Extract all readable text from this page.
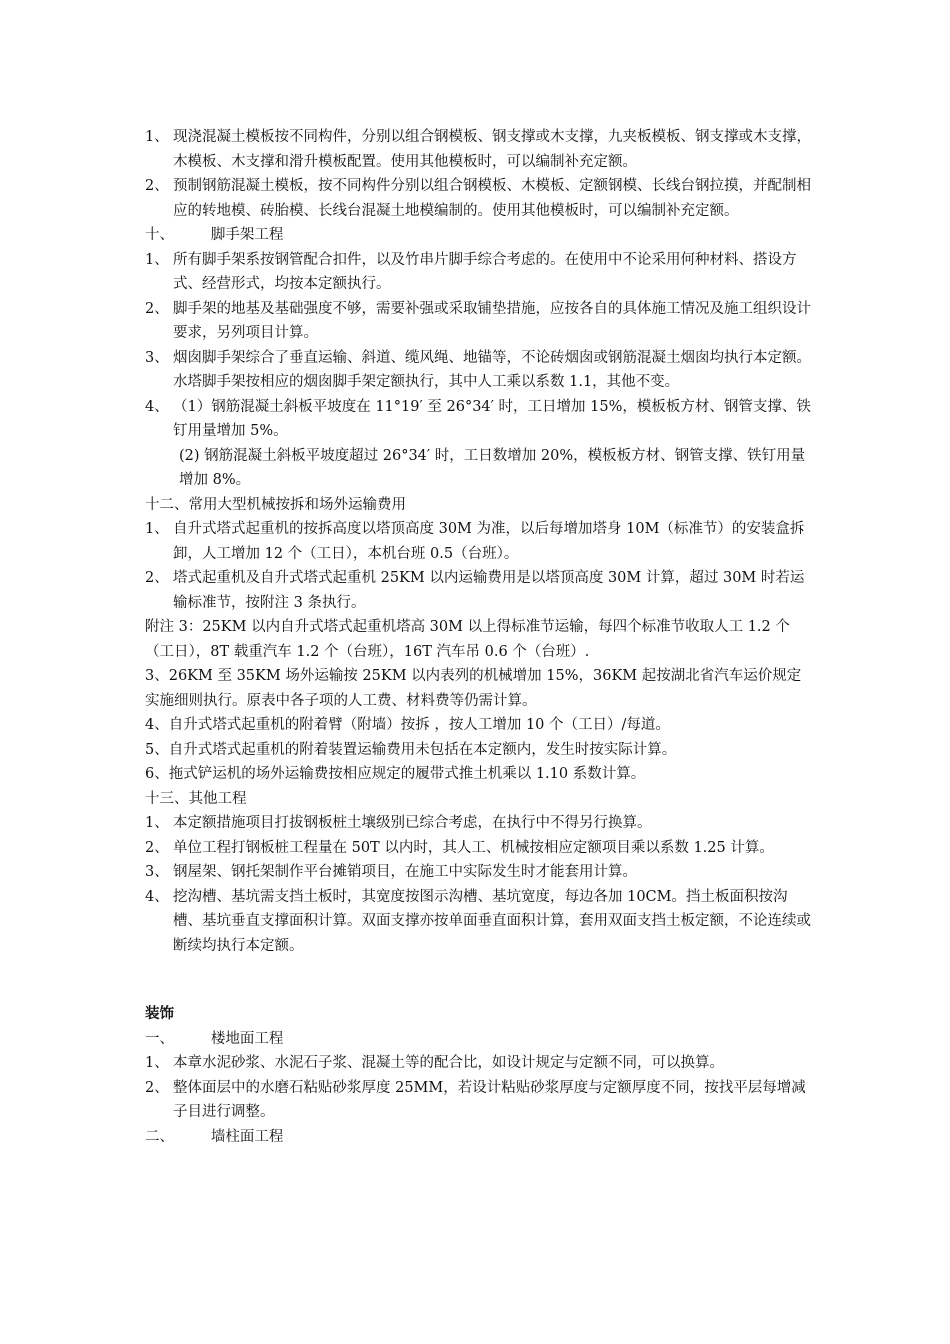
1、 现浇混凝土模板按不同构件，分别以组合钢模板、钢支撑或木支撑，九夹板模板、钢支撑或木支撑，木模板、木支撑和滑升模板配置。使用其他模板时，可以编制补充定额。

2、 预制钢筋混凝土模板，按不同构件分别以组合钢模板、木模板、定额钢模、长线台钢拉摸，并配制相应的转地模、砖胎模、长线台混凝土地模编制的。使用其他模板时，可以编制补充定额。

十、        脚手架工程

1、 所有脚手架系按钢管配合扣件，以及竹串片脚手综合考虑的。在使用中不论采用何种材料、搭设方式、经营形式，均按本定额执行。

2、 脚手架的地基及基础强度不够，需要补强或采取铺垫措施，应按各自的具体施工情况及施工组织设计要求，另列项目计算。

3、 烟囱脚手架综合了垂直运输、斜道、缆风绳、地锚等，不论砖烟囱或钢筋混凝土烟囱均执行本定额。水塔脚手架按相应的烟囱脚手架定额执行，其中人工乘以系数 1.1，其他不变。

4、 （1）钢筋混凝土斜板平坡度在 11°19′ 至 26°34′ 时，工日增加 15%，模板板方材、钢管支撑、铁钉用量增加 5%。

(2) 钢筋混凝土斜板平坡度超过 26°34′ 时，工日数增加 20%，模板板方材、钢管支撑、铁钉用量增加 8%。

十二、常用大型机械按拆和场外运输费用

1、 自升式塔式起重机的按拆高度以塔顶高度 30M 为准，以后每增加塔身 10M（标准节）的安装盒拆卸，人工增加 12 个（工日），本机台班 0.5（台班）。

2、 塔式起重机及自升式塔式起重机 25KM 以内运输费用是以塔顶高度 30M 计算，超过 30M 时若运输标准节，按附注 3 条执行。

附注 3：25KM 以内自升式塔式起重机塔高 30M 以上得标准节运输，每四个标准节收取人工 1.2 个（工日），8T 载重汽车 1.2 个（台班），16T 汽车吊 0.6 个（台班）.

3、26KM 至 35KM 场外运输按 25KM 以内表列的机械增加 15%，36KM 起按湖北省汽车运价规定实施细则执行。原表中各子项的人工费、材料费等仍需计算。

4、自升式塔式起重机的附着臂（附墙）按拆 ，按人工增加 10 个（工日）/每道。

5、自升式塔式起重机的附着装置运输费用未包括在本定额内，发生时按实际计算。

6、拖式铲运机的场外运输费按相应规定的履带式推土机乘以 1.10 系数计算。

十三、其他工程

1、 本定额措施项目打拔钢板桩土壤级别已综合考虑，在执行中不得另行换算。

2、 单位工程打钢板桩工程量在 50T 以内时，其人工、机械按相应定额项目乘以系数 1.25 计算。

3、 钢屋架、钢托架制作平台摊销项目，在施工中实际发生时才能套用计算。

4、 挖沟槽、基坑需支挡土板时，其宽度按图示沟槽、基坑宽度，每边各加 10CM。挡土板面积按沟槽、基坑垂直支撑面积计算。双面支撑亦按单面垂直面积计算，套用双面支挡土板定额，不论连续或断续均执行本定额。

装饰

一、        楼地面工程

1、 本章水泥砂浆、水泥石子浆、混凝土等的配合比，如设计规定与定额不同，可以换算。

2、 整体面层中的水磨石粘贴砂浆厚度 25MM，若设计粘贴砂浆厚度与定额厚度不同，按找平层每增减子目进行调整。

二、        墙柱面工程
